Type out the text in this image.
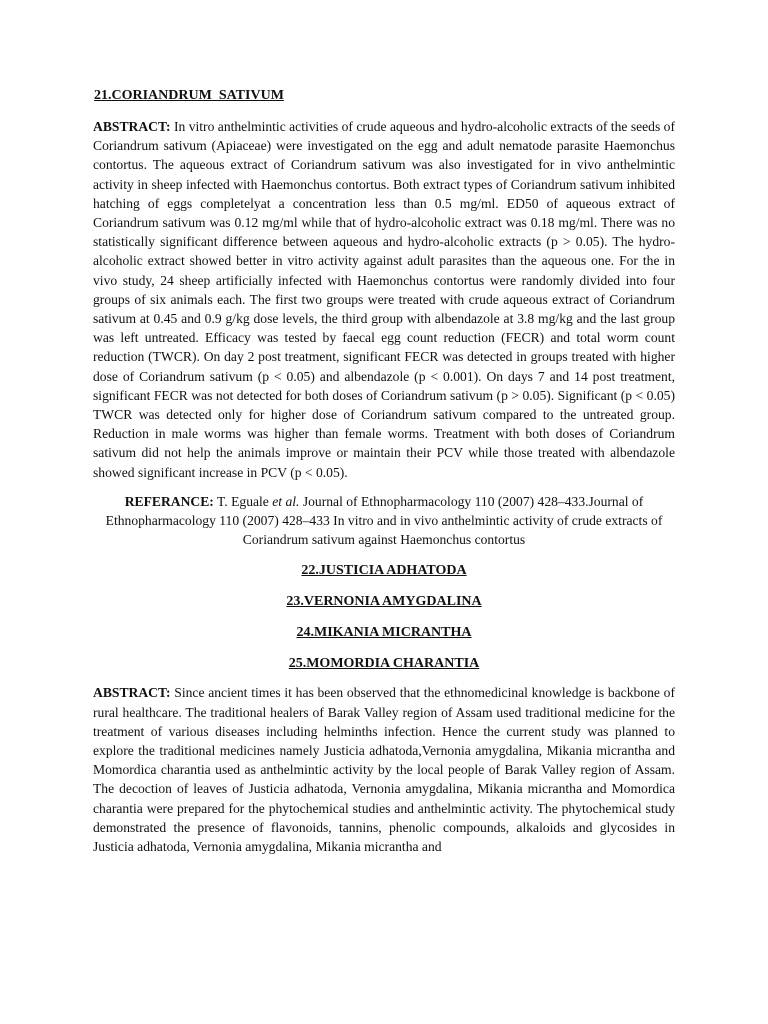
21.CORIANDRUM  SATIVUM

ABSTRACT: In vitro anthelmintic activities of crude aqueous and hydro-alcoholic extracts of the seeds of Coriandrum sativum (Apiaceae) were investigated on the egg and adult nematode parasite Haemonchus contortus. The aqueous extract of Coriandrum sativum was also investigated for in vivo anthelmintic activity in sheep infected with Haemonchus contortus. Both extract types of Coriandrum sativum inhibited hatching of eggs completelyat a concentration less than 0.5 mg/ml. ED50 of aqueous extract of Coriandrum sativum was 0.12 mg/ml while that of hydro-alcoholic extract was 0.18 mg/ml. There was no statistically significant difference between aqueous and hydro-alcoholic extracts (p > 0.05). The hydro-alcoholic extract showed better in vitro activity against adult parasites than the aqueous one. For the in vivo study, 24 sheep artificially infected with Haemonchus contortus were randomly divided into four groups of six animals each. The first two groups were treated with crude aqueous extract of Coriandrum sativum at 0.45 and 0.9 g/kg dose levels, the third group with albendazole at 3.8 mg/kg and the last group was left untreated. Efficacy was tested by faecal egg count reduction (FECR) and total worm count reduction (TWCR). On day 2 post treatment, significant FECR was detected in groups treated with higher dose of Coriandrum sativum (p < 0.05) and albendazole (p < 0.001). On days 7 and 14 post treatment, significant FECR was not detected for both doses of Coriandrum sativum (p > 0.05). Significant (p < 0.05) TWCR was detected only for higher dose of Coriandrum sativum compared to the untreated group. Reduction in male worms was higher than female worms. Treatment with both doses of Coriandrum sativum did not help the animals improve or maintain their PCV while those treated with albendazole showed significant increase in PCV (p < 0.05).

REFERANCE: T. Eguale et al. Journal of Ethnopharmacology 110 (2007) 428–433.Journal of Ethnopharmacology 110 (2007) 428–433 In vitro and in vivo anthelmintic activity of crude extracts of Coriandrum sativum against Haemonchus contortus

22.JUSTICIA ADHATODA
23.VERNONIA AMYGDALINA
24.MIKANIA MICRANTHA
25.MOMORDIA CHARANTIA

ABSTRACT: Since ancient times it has been observed that the ethnomedicinal knowledge is backbone of rural healthcare. The traditional healers of Barak Valley region of Assam used traditional medicine for the treatment of various diseases including helminths infection. Hence the current study was planned to explore the traditional medicines namely Justicia adhatoda,Vernonia amygdalina, Mikania micrantha and Momordica charantia used as anthelmintic activity by the local people of Barak Valley region of Assam. The decoction of leaves of Justicia adhatoda, Vernonia amygdalina, Mikania micrantha and Momordica charantia were prepared for the phytochemical studies and anthelmintic activity. The phytochemical study demonstrated the presence of flavonoids, tannins, phenolic compounds, alkaloids and glycosides in Justicia adhatoda, Vernonia amygdalina, Mikania micrantha and
